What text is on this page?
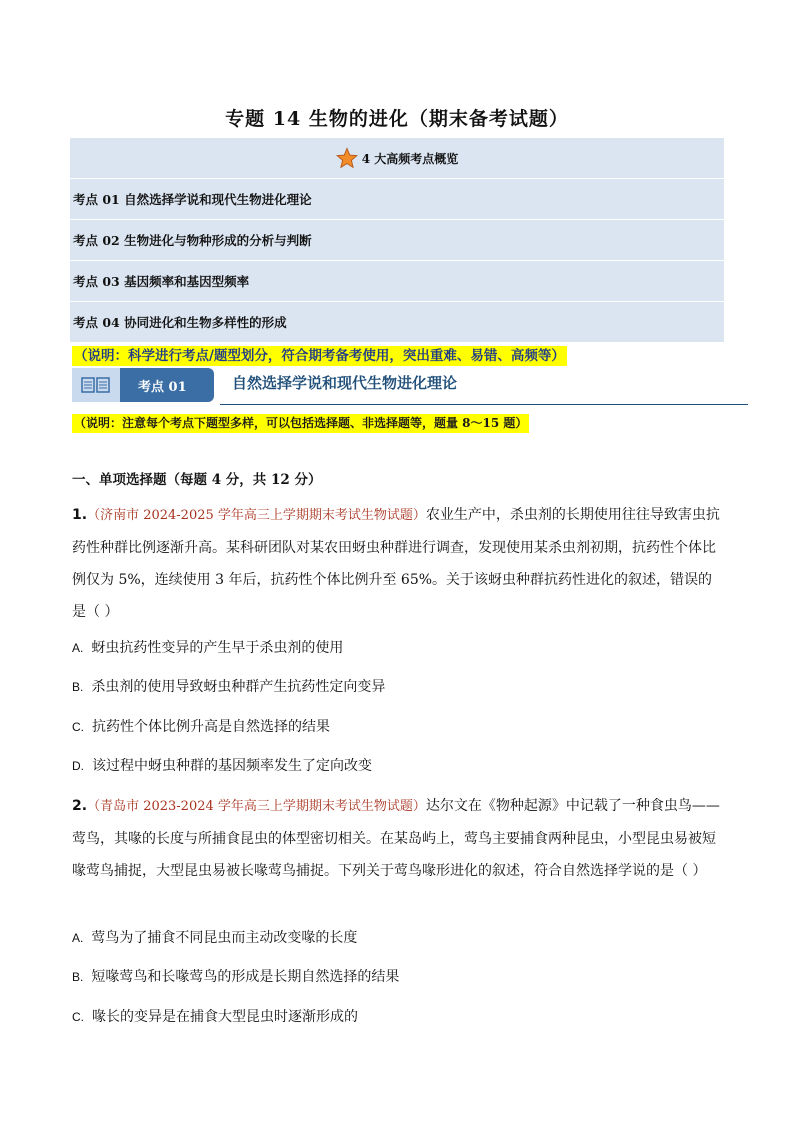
专题 14 生物的进化（期末备考试题）
4 大高频考点概览
考点 01 自然选择学说和现代生物进化理论
考点 02 生物进化与物种形成的分析与判断
考点 03 基因频率和基因型频率
考点 04 协同进化和生物多样性的形成
（说明：科学进行考点/题型划分，符合期考备考使用，突出重难、易错、高频等）
考点 01	自然选择学说和现代生物进化理论
（说明：注意每个考点下题型多样，可以包括选择题、非选择题等，题量 8～15 题）
一、单项选择题（每题 4 分，共 12 分）
1.（济南市 2024-2025 学年高三上学期期末考试生物试题）农业生产中，杀虫剂的长期使用往往导致害虫抗药性种群比例逐渐升高。某科研团队对某农田蚜虫种群进行调查，发现使用某杀虫剂初期，抗药性个体比例仅为 5%，连续使用 3 年后，抗药性个体比例升至 65%。关于该蚜虫种群抗药性进化的叙述，错误的是（ ）
A. 蚜虫抗药性变异的产生早于杀虫剂的使用
B. 杀虫剂的使用导致蚜虫种群产生抗药性定向变异
C. 抗药性个体比例升高是自然选择的结果
D. 该过程中蚜虫种群的基因频率发生了定向改变
2.（青岛市 2023-2024 学年高三上学期期末考试生物试题）达尔文在《物种起源》中记载了一种食虫鸟——莺鸟，其喙的长度与所捕食昆虫的体型密切相关。在某岛屿上，莺鸟主要捕食两种昆虫，小型昆虫易被短喙莺鸟捕捉，大型昆虫易被长喙莺鸟捕捉。下列关于莺鸟喙形进化的叙述，符合自然选择学说的是（ ）
A. 莺鸟为了捕食不同昆虫而主动改变喙的长度
B. 短喙莺鸟和长喙莺鸟的形成是长期自然选择的结果
C. 喙长的变异是在捕食大型昆虫时逐渐形成的
